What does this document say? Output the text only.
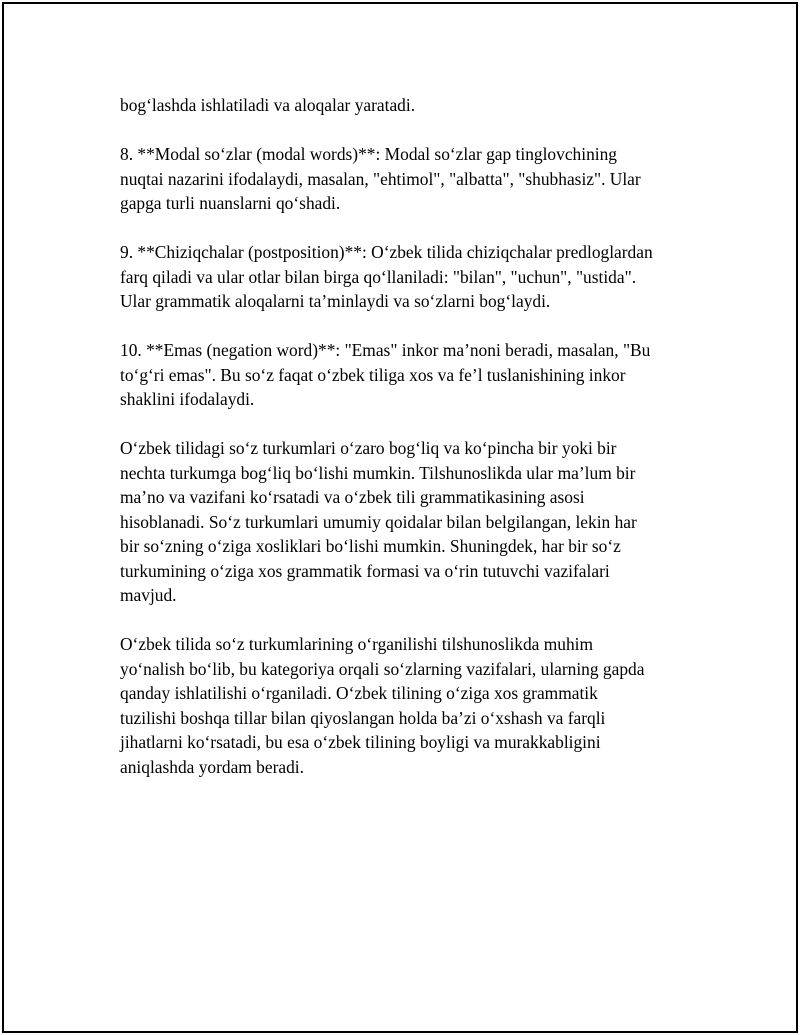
bog‘lashda ishlatiladi va aloqalar yaratadi.

8. **Modal so‘zlar (modal words)**: Modal so‘zlar gap tinglovchining
nuqtai nazarini ifodalaydi, masalan, "ehtimol", "albatta", "shubhasiz". Ular
gapga turli nuanslarni qo‘shadi.

9. **Chiziqchalar (postposition)**: O‘zbek tilida chiziqchalar predloglardan
farq qiladi va ular otlar bilan birga qo‘llaniladi: "bilan", "uchun", "ustida".
Ular grammatik aloqalarni ta’minlaydi va so‘zlarni bog‘laydi.

10. **Emas (negation word)**: "Emas" inkor ma’noni beradi, masalan, "Bu
to‘g‘ri emas". Bu so‘z faqat o‘zbek tiliga xos va fe’l tuslanishining inkor
shaklini ifodalaydi.

O‘zbek tilidagi so‘z turkumlari o‘zaro bog‘liq va ko‘pincha bir yoki bir
nechta turkumga bog‘liq bo‘lishi mumkin. Tilshunoslikda ular ma’lum bir
ma’no va vazifani ko‘rsatadi va o‘zbek tili grammatikasining asosi
hisoblanadi. So‘z turkumlari umumiy qoidalar bilan belgilangan, lekin har
bir so‘zning o‘ziga xosliklari bo‘lishi mumkin. Shuningdek, har bir so‘z
turkumining o‘ziga xos grammatik formasi va o‘rin tutuvchi vazifalari
mavjud.

O‘zbek tilida so‘z turkumlarining o‘rganilishi tilshunoslikda muhim
yo‘nalish bo‘lib, bu kategoriya orqali so‘zlarning vazifalari, ularning gapda
qanday ishlatilishi o‘rganiladi. O‘zbek tilining o‘ziga xos grammatik
tuzilishi boshqa tillar bilan qiyoslangan holda ba’zi o‘xshash va farqli
jihatlarni ko‘rsatadi, bu esa o‘zbek tilining boyligi va murakkabligini
aniqlashda yordam beradi.
